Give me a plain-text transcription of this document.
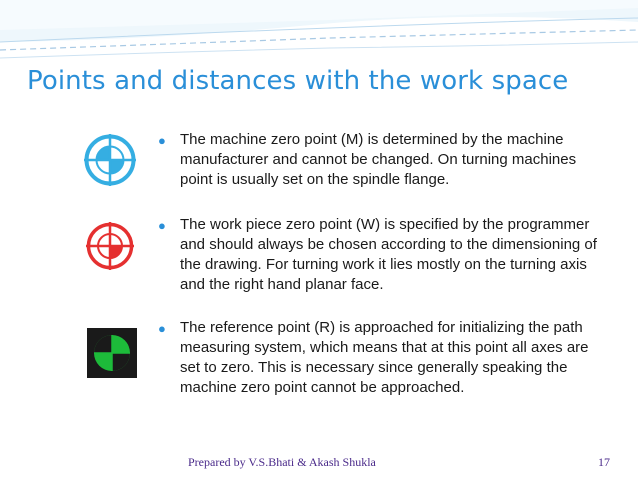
Points and distances with the work space
● The machine zero point (M) is determined by the machine manufacturer and cannot be changed. On turning machines point is usually set on the spindle flange.
● The work piece zero point (W) is specified by the programmer and should always be chosen according to the dimensioning of the drawing. For turning work it lies mostly on the turning axis and the right hand planar face.
● The reference point (R) is approached for initializing the path measuring system, which means that at this point all axes are set to zero. This is necessary since generally speaking the machine zero point cannot be approached.
Prepared by V.S.Bhati & Akash Shukla	17
